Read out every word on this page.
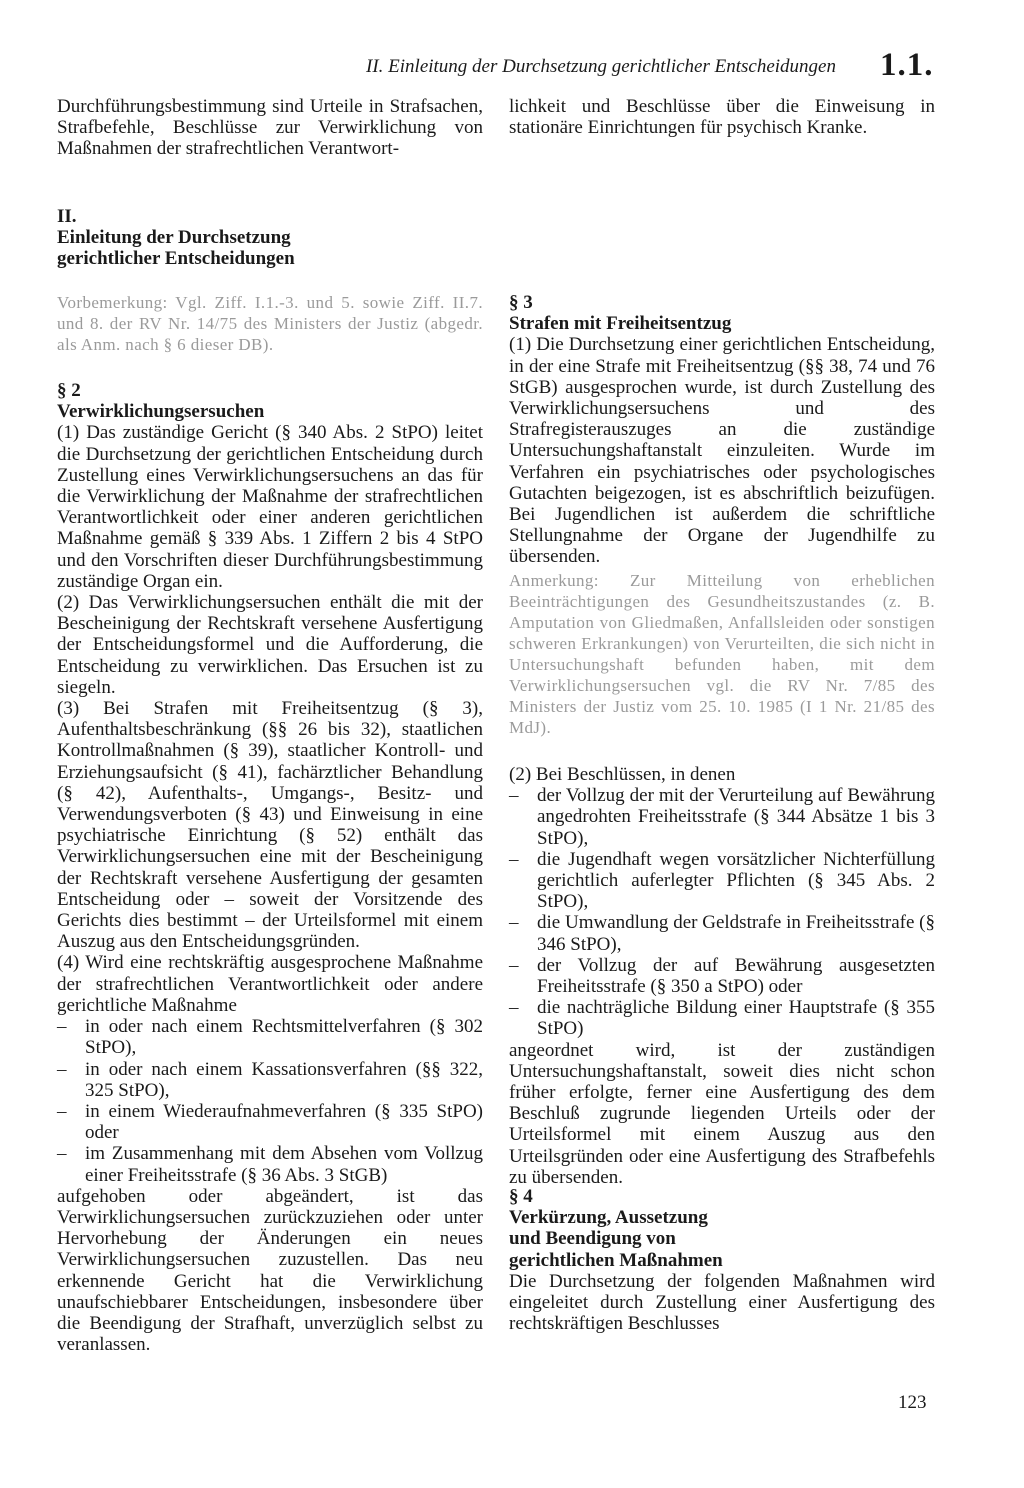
II. Einleitung der Durchsetzung gerichtlicher Entscheidungen	1.1.

Durchführungsbestimmung sind Urteile in Strafsachen, Strafbefehle, Beschlüsse zur Verwirklichung von Maßnahmen der strafrechtlichen Verantwort-

lichkeit und Beschlüsse über die Einweisung in stationäre Einrichtungen für psychisch Kranke.

II.

Einleitung der Durchsetzung

gerichtlicher Entscheidungen

Vorbemerkung: Vgl. Ziff. I.1.-3. und 5. sowie Ziff. II.7. und 8. der RV Nr. 14/75 des Ministers der Justiz (abgedr. als Anm. nach § 6 dieser DB).

§ 2

Verwirklichungsersuchen

(1) Das zuständige Gericht (§ 340 Abs. 2 StPO) leitet die Durchsetzung der gerichtlichen Entscheidung durch Zustellung eines Verwirklichungsersuchens an das für die Verwirklichung der Maßnahme der strafrechtlichen Verantwortlichkeit oder einer anderen gerichtlichen Maßnahme gemäß § 339 Abs. 1 Ziffern 2 bis 4 StPO und den Vorschriften dieser Durchführungsbestimmung zuständige Organ ein.

(2) Das Verwirklichungsersuchen enthält die mit der Bescheinigung der Rechtskraft versehene Ausfertigung der Entscheidungsformel und die Aufforderung, die Entscheidung zu verwirklichen. Das Ersuchen ist zu siegeln.

(3) Bei Strafen mit Freiheitsentzug (§ 3), Aufenthaltsbeschränkung (§§ 26 bis 32), staatlichen Kontrollmaßnahmen (§ 39), staatlicher Kontroll- und Erziehungsaufsicht (§ 41), fachärztlicher Behandlung (§ 42), Aufenthalts-, Umgangs-, Besitz- und Verwendungsverboten (§ 43) und Einweisung in eine psychiatrische Einrichtung (§ 52) enthält das Verwirklichungsersuchen eine mit der Bescheinigung der Rechtskraft versehene Ausfertigung der gesamten Entscheidung oder – soweit der Vorsitzende des Gerichts dies bestimmt – der Urteilsformel mit einem Auszug aus den Entscheidungsgründen.

(4) Wird eine rechtskräftig ausgesprochene Maßnahme der strafrechtlichen Verantwortlichkeit oder andere gerichtliche Maßnahme

– in oder nach einem Rechtsmittelverfahren (§ 302 StPO),
– in oder nach einem Kassationsverfahren (§§ 322, 325 StPO),
– in einem Wiederaufnahmeverfahren (§ 335 StPO) oder
– im Zusammenhang mit dem Absehen vom Vollzug einer Freiheitsstrafe (§ 36 Abs. 3 StGB)

aufgehoben oder abgeändert, ist das Verwirklichungsersuchen zurückzuziehen oder unter Hervorhebung der Änderungen ein neues Verwirklichungsersuchen zuzustellen. Das neu erkennende Gericht hat die Verwirklichung unaufschiebbarer Entscheidungen, insbesondere über die Beendigung der Strafhaft, unverzüglich selbst zu veranlassen.

§ 3

Strafen mit Freiheitsentzug

(1) Die Durchsetzung einer gerichtlichen Entscheidung, in der eine Strafe mit Freiheitsentzug (§§ 38, 74 und 76 StGB) ausgesprochen wurde, ist durch Zustellung des Verwirklichungsersuchens und des Strafregisterauszuges an die zuständige Untersuchungshaftanstalt einzuleiten. Wurde im Verfahren ein psychiatrisches oder psychologisches Gutachten beigezogen, ist es abschriftlich beizufügen. Bei Jugendlichen ist außerdem die schriftliche Stellungnahme der Organe der Jugendhilfe zu übersenden.

Anmerkung: Zur Mitteilung von erheblichen Beeinträchtigungen des Gesundheitszustandes (z. B. Amputation von Gliedmaßen, Anfallsleiden oder sonstigen schweren Erkrankungen) von Verurteilten, die sich nicht in Untersuchungshaft befunden haben, mit dem Verwirklichungsersuchen vgl. die RV Nr. 7/85 des Ministers der Justiz vom 25. 10. 1985 (I 1 Nr. 21/85 des MdJ).

(2) Bei Beschlüssen, in denen

– der Vollzug der mit der Verurteilung auf Bewährung angedrohten Freiheitsstrafe (§ 344 Absätze 1 bis 3 StPO),
– die Jugendhaft wegen vorsätzlicher Nichterfüllung gerichtlich auferlegter Pflichten (§ 345 Abs. 2 StPO),
– die Umwandlung der Geldstrafe in Freiheitsstrafe (§ 346 StPO),
– der Vollzug der auf Bewährung ausgesetzten Freiheitsstrafe (§ 350 a StPO) oder
– die nachträgliche Bildung einer Hauptstrafe (§ 355 StPO)

angeordnet wird, ist der zuständigen Untersuchungshaftanstalt, soweit dies nicht schon früher erfolgte, ferner eine Ausfertigung des dem Beschluß zugrunde liegenden Urteils oder der Urteilsformel mit einem Auszug aus den Urteilsgründen oder eine Ausfertigung des Strafbefehls zu übersenden.

§ 4

Verkürzung, Aussetzung

und Beendigung von

gerichtlichen Maßnahmen

Die Durchsetzung der folgenden Maßnahmen wird eingeleitet durch Zustellung einer Ausfertigung des rechtskräftigen Beschlusses

123
